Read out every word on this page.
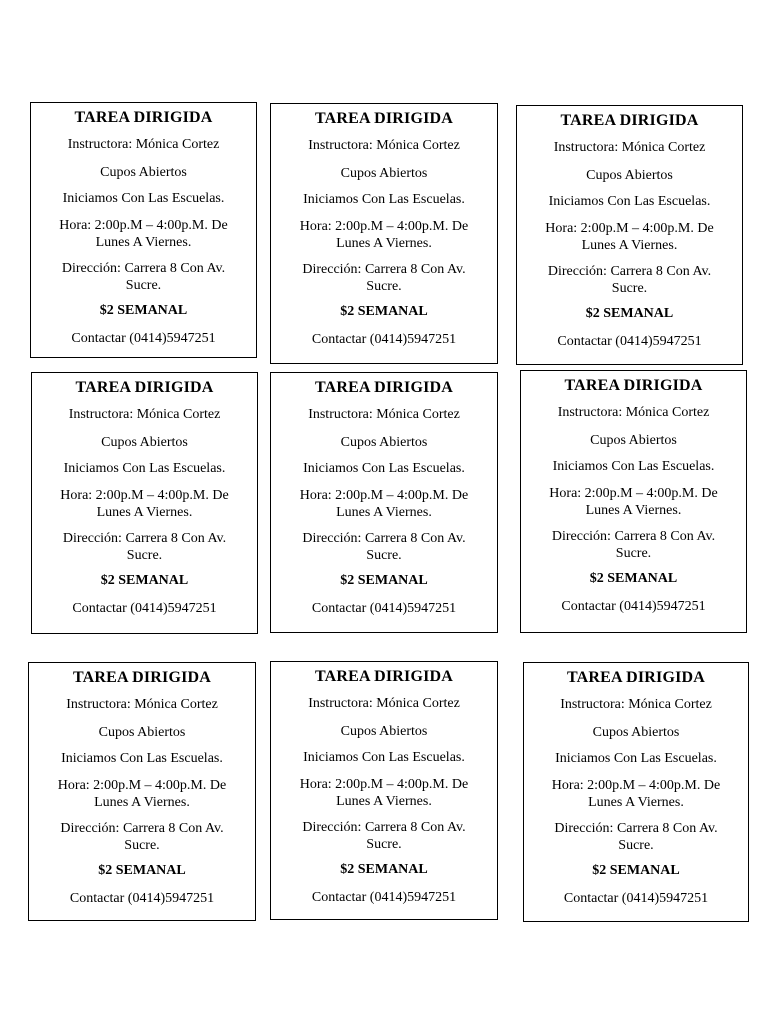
TAREA DIRIGIDA
Instructora: Mónica Cortez
Cupos Abiertos
Iniciamos Con Las Escuelas.
Hora: 2:00p.M – 4:00p.M. De
Lunes A Viernes.
Dirección: Carrera 8 Con Av.
Sucre.
$2 SEMANAL
Contactar (0414)5947251
TAREA DIRIGIDA
Instructora: Mónica Cortez
Cupos Abiertos
Iniciamos Con Las Escuelas.
Hora: 2:00p.M – 4:00p.M. De
Lunes A Viernes.
Dirección: Carrera 8 Con Av.
Sucre.
$2 SEMANAL
Contactar (0414)5947251
TAREA DIRIGIDA
Instructora: Mónica Cortez
Cupos Abiertos
Iniciamos Con Las Escuelas.
Hora: 2:00p.M – 4:00p.M. De
Lunes A Viernes.
Dirección: Carrera 8 Con Av.
Sucre.
$2 SEMANAL
Contactar (0414)5947251
TAREA DIRIGIDA
Instructora: Mónica Cortez
Cupos Abiertos
Iniciamos Con Las Escuelas.
Hora: 2:00p.M – 4:00p.M. De
Lunes A Viernes.
Dirección: Carrera 8 Con Av.
Sucre.
$2 SEMANAL
Contactar (0414)5947251
TAREA DIRIGIDA
Instructora: Mónica Cortez
Cupos Abiertos
Iniciamos Con Las Escuelas.
Hora: 2:00p.M – 4:00p.M. De
Lunes A Viernes.
Dirección: Carrera 8 Con Av.
Sucre.
$2 SEMANAL
Contactar (0414)5947251
TAREA DIRIGIDA
Instructora: Mónica Cortez
Cupos Abiertos
Iniciamos Con Las Escuelas.
Hora: 2:00p.M – 4:00p.M. De
Lunes A Viernes.
Dirección: Carrera 8 Con Av.
Sucre.
$2 SEMANAL
Contactar (0414)5947251
TAREA DIRIGIDA
Instructora: Mónica Cortez
Cupos Abiertos
Iniciamos Con Las Escuelas.
Hora: 2:00p.M – 4:00p.M. De
Lunes A Viernes.
Dirección: Carrera 8 Con Av.
Sucre.
$2 SEMANAL
Contactar (0414)5947251
TAREA DIRIGIDA
Instructora: Mónica Cortez
Cupos Abiertos
Iniciamos Con Las Escuelas.
Hora: 2:00p.M – 4:00p.M. De
Lunes A Viernes.
Dirección: Carrera 8 Con Av.
Sucre.
$2 SEMANAL
Contactar (0414)5947251
TAREA DIRIGIDA
Instructora: Mónica Cortez
Cupos Abiertos
Iniciamos Con Las Escuelas.
Hora: 2:00p.M – 4:00p.M. De
Lunes A Viernes.
Dirección: Carrera 8 Con Av.
Sucre.
$2 SEMANAL
Contactar (0414)5947251
